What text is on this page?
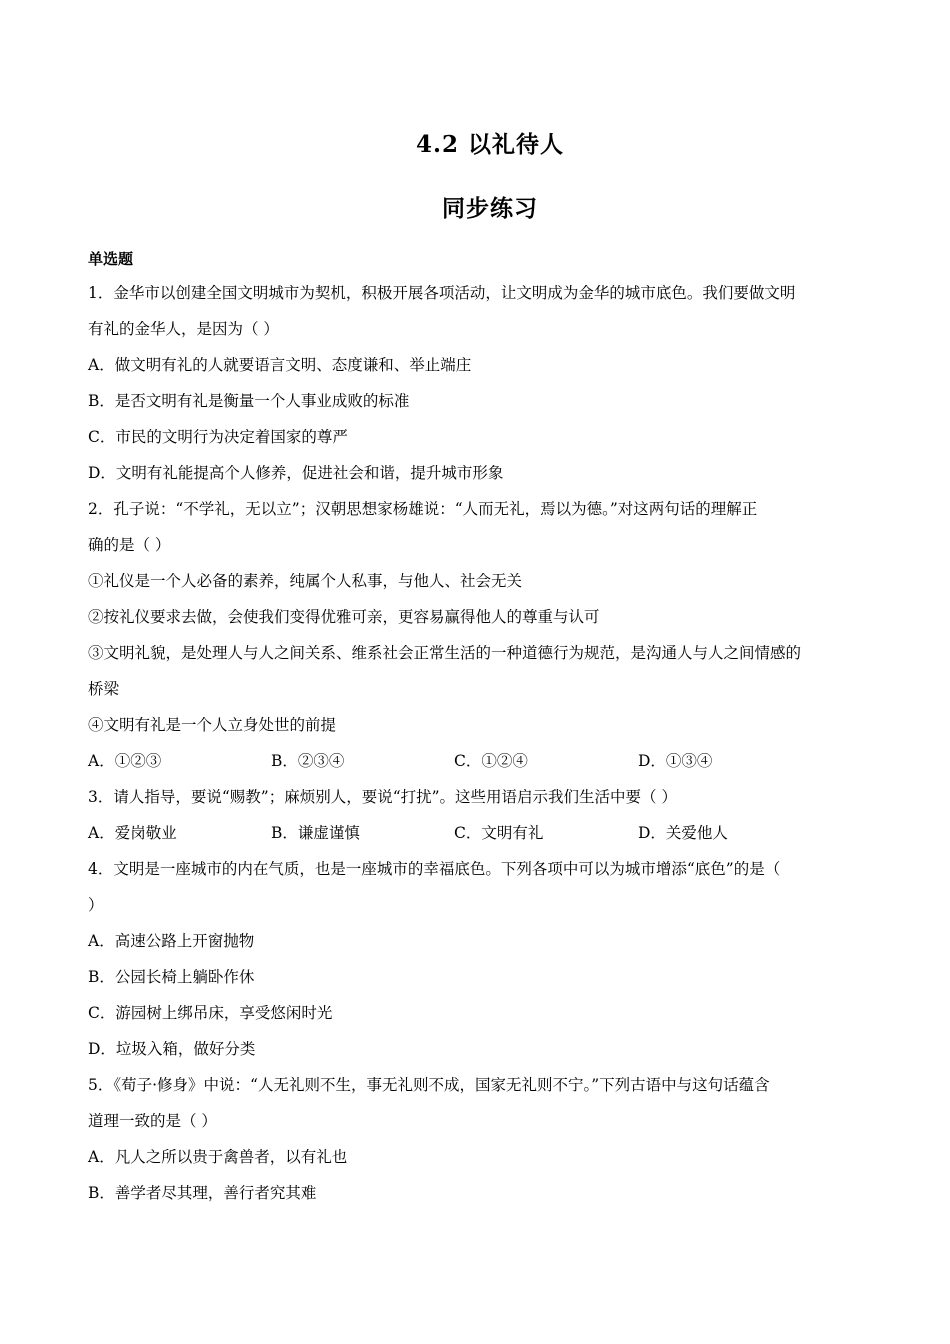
4.2 以礼待人
同步练习
单选题
1．金华市以创建全国文明城市为契机，积极开展各项活动，让文明成为金华的城市底色。我们要做文明
有礼的金华人，是因为（ ）
A．做文明有礼的人就要语言文明、态度谦和、举止端庄
B．是否文明有礼是衡量一个人事业成败的标准
C．市民的文明行为决定着国家的尊严
D．文明有礼能提高个人修养，促进社会和谐，提升城市形象
2．孔子说：“不学礼，无以立”；汉朝思想家杨雄说：“人而无礼，焉以为德。”对这两句话的理解正
确的是（ ）
①礼仪是一个人必备的素养，纯属个人私事，与他人、社会无关
②按礼仪要求去做，会使我们变得优雅可亲，更容易赢得他人的尊重与认可
③文明礼貌，是处理人与人之间关系、维系社会正常生活的一种道德行为规范，是沟通人与人之间情感的
桥梁
④文明有礼是一个人立身处世的前提
A．①②③	B．②③④	C．①②④	D．①③④
3．请人指导，要说“赐教”；麻烦别人，要说“打扰”。这些用语启示我们生活中要（ ）
A．爱岗敬业	B．谦虚谨慎	C．文明有礼	D．关爱他人
4．文明是一座城市的内在气质，也是一座城市的幸福底色。下列各项中可以为城市增添“底色”的是（
）
A．高速公路上开窗抛物
B．公园长椅上躺卧作休
C．游园树上绑吊床，享受悠闲时光
D．垃圾入箱，做好分类
5．《荀子·修身》中说：“人无礼则不生，事无礼则不成，国家无礼则不宁。”下列古语中与这句话蕴含
道理一致的是（ ）
A．凡人之所以贵于禽兽者，以有礼也
B．善学者尽其理，善行者究其难
